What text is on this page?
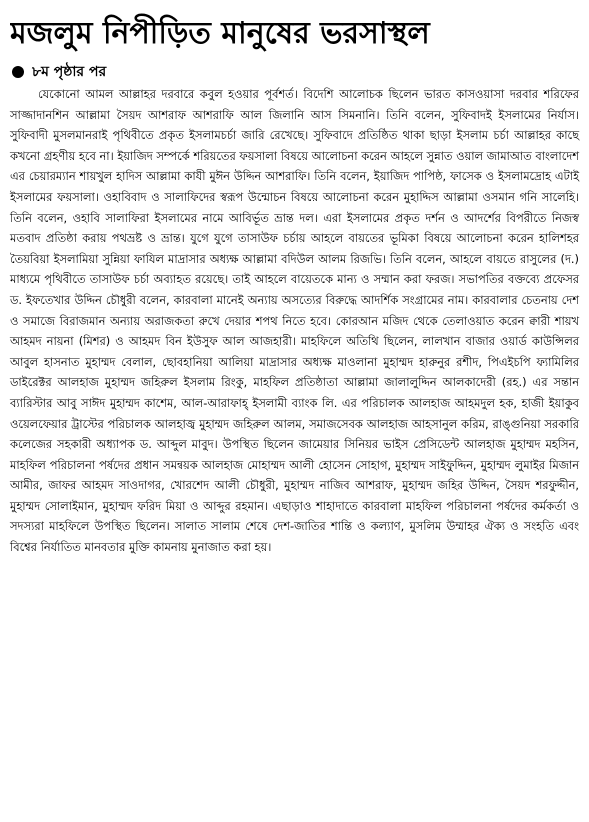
মজলুম নিপীড়িত মানুষের ভরসাস্থল
৮ম পৃষ্ঠার পর

যেকোনো আমল আল্লাহর দরবারে কবুল হওয়ার পূর্বশর্ত। বিদেশি আলোচক ছিলেন ভারত কাসওয়াসা দরবার শরিফের সাজ্জাদানশিন আল্লামা সৈয়দ আশরাফ আশরাফি আল জিলানি আস সিমনানি। তিনি বলেন, সুফিবাদই ইসলামের নির্যাস। সুফিবাদী মুসলমানরাই পৃথিবীতে প্রকৃত ইসলামচর্চা জারি রেখেছে। সুফিবাদে প্রতিষ্ঠিত থাকা ছাড়া ইসলাম চর্চা আল্লাহর কাছে কখনো গ্রহণীয় হবে না। ইয়াজিদ সম্পর্কে শরিয়তের ফয়সালা বিষয়ে আলোচনা করেন আহলে সুন্নাত ওয়াল জামাআত বাংলাদেশ এর চেয়ারম্যান শায়খুল হাদিস আল্লামা কাযী মুঈন উদ্দিন আশরাফি। তিনি বলেন, ইয়াজিদ পাপিষ্ঠ, ফাসেক ও ইসলামদ্রোহ এটাই ইসলামের ফয়সালা। ওহাবিবাদ ও সালাফিদের স্বরূপ উন্মোচন বিষয়ে আলোচনা করেন মুহাদ্দিস আল্লামা ওসমান গনি সালেহি। তিনি বলেন, ওহাবি সালাফিরা ইসলামের নামে আবির্ভূত ভ্রান্ত দল। এরা ইসলামের প্রকৃত দর্শন ও আদর্শের বিপরীতে নিজস্ব মতবাদ প্রতিষ্ঠা করায় পথভ্রষ্ট ও ভ্রান্ত। যুগে যুগে তাসাউফ চর্চায় আহলে বায়তের ভূমিকা বিষয়ে আলোচনা করেন হালিশহর তৈয়বিয়া ইসলামিয়া সুন্নিয়া ফাযিল মাদ্রাসার অধ্যক্ষ আল্লামা বদিউল আলম রিজভি। তিনি বলেন, আহলে বায়তে রাসুলের (দ.) মাধ্যমে পৃথিবীতে তাসাউফ চর্চা অব্যাহত রয়েছে। তাই আহলে বায়েতকে মান্য ও সম্মান করা ফরজ। সভাপতির বক্তব্যে প্রফেসর ড. ইফতেখার উদ্দিন চৌধুরী বলেন, কারবালা মানেই অন্যায় অসত্যের বিরুদ্ধে আদর্শিক সংগ্রামের নাম। কারবালার চেতনায় দেশ ও সমাজে বিরাজমান অন্যায় অরাজকতা রুখে দেয়ার শপথ নিতে হবে। কোরআন মজিদ থেকে তেলাওয়াত করেন ক্বারী শায়খ আহমদ নায়না (মিশর) ও আহমদ বিন ইউসুফ আল আজহারী। মাহফিলে অতিথি ছিলেন, লালখান বাজার ওয়ার্ড কাউন্সিলর আবুল হাসনাত মুহাম্মদ বেলাল, ছোবহানিয়া আলিয়া মাদ্রাসার অধ্যক্ষ মাওলানা মুহাম্মদ হারুনুর রশীদ, পিএইচপি ফ্যামিলির ডাইরেক্টর আলহাজ মুহাম্মদ জহিরুল ইসলাম রিংকু, মাহফিল প্রতিষ্ঠাতা আল্লামা জালালুদ্দিন আলকাদেরী (রহ.) এর সন্তান ব্যারিস্টার আবু সাঈদ মুহাম্মদ কাশেম, আল-আরাফাহ্ ইসলামী ব্যাংক লি. এর পরিচালক আলহাজ আহমদুল হক, হাজী ইয়াকুব ওয়েলফেয়ার ট্রাস্টের পরিচালক আলহাজ্ব মুহাম্মদ জহিরুল আলম, সমাজসেবক আলহাজ আহসানুল করিম, রাঙ্গুনিয়া সরকারি কলেজের সহকারী অধ্যাপক ড. আব্দুল মাবুদ। উপস্থিত ছিলেন জামেয়ার সিনিয়র ভাইস প্রেসিডেন্ট আলহাজ মুহাম্মদ মহসিন, মাহফিল পরিচালনা পর্ষদের প্রধান সমন্বয়ক আলহাজ মোহাম্মদ আলী হোসেন সোহাগ, মুহাম্মদ সাইফুদ্দিন, মুহাম্মদ লুমাইর মিজান আমীর, জাফর আহমদ সাওদাগর, খোরশেদ আলী চৌধুরী, মুহাম্মদ নাজিব আশরাফ, মুহাম্মদ জহির উদ্দিন, সৈয়দ শরফুদ্দীন, মুহাম্মদ সোলাইমান, মুহাম্মদ ফরিদ মিয়া ও আব্দুর রহমান। এছাড়াও শাহাদাতে কারবালা মাহফিল পরিচালনা পর্ষদের কর্মকর্তা ও সদস্যরা মাহফিলে উপস্থিত ছিলেন। সালাত সালাম শেষে দেশ-জাতির শান্তি ও কল্যাণ, মুসলিম উম্মাহর ঐক্য ও সংহতি এবং বিশ্বের নির্যাতিত মানবতার মুক্তি কামনায় মুনাজাত করা হয়।
